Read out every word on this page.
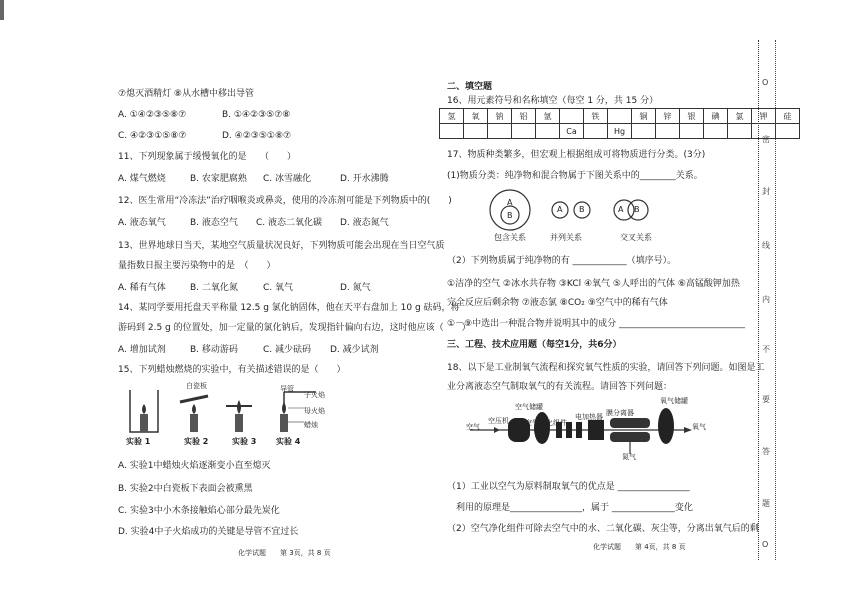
⑦熄灭酒精灯 ⑧从水槽中移出导管
A. ①④②③⑤⑧⑦	B. ①④②③⑤⑦⑧
C. ④②③①⑤⑧⑦	D. ④②③⑤①⑧⑦
11、下列现象属于缓慢氧化的是　　（　　）
A. 煤气燃烧	B. 农家肥腐熟 C. 冰雪融化	D. 开水沸腾
12、医生常用“冷冻法”治疗咽喉炎或鼻炎，使用的冷冻剂可能是下列物质中的(　　)
A. 液态氧气	B. 液态空气 C. 液态二氧化碳 D. 液态氮气
13、世界地球日当天，某地空气质量状况良好，下列物质可能会出现在当日空气质
量指数日报主要污染物中的是　（　　）
A. 稀有气体	B. 二氧化氮	C. 氧气	D. 氮气
14、某同学要用托盘天平称量 12.5 g 氯化钠固体，他在天平右盘加上 10 g 砝码，将
游码到 2.5 g 的位置处，加一定量的氯化钠后，发现指针偏向右边，这时他应该（　　）
A. 增加试剂	B. 移动游码	C. 减少砝码 D. 减少试剂
15、下列蜡烛燃烧的实验中，有关描述错误的是（　　）
白瓷板	导管
子火焰
母火焰
蜡烛
实验 1	实验 2	实验 3 实验 4
A. 实验1中蜡烛火焰逐渐变小直至熄灭
B. 实验2中白瓷板下表面会被熏黑
C. 实验3中小木条接触焰心部分最先炭化
D. 实验4中子火焰成功的关键是导管不宜过长
化学试题　　第 3页，共 8 页
二、填空题
16、用元素符号和名称填空（每空 1 分，共 15 分）
氢	氧	钠	铝	氩		铁		铜	锌	银	碘	氯	钾	硅
					Ca		Hg							
17、物质种类繁多，但宏观上根据组成可将物质进行分类。(3分)
(1)物质分类：纯净物和混合物属于下图关系中的________关系。
A
B
A B	A B
包含关系	并列关系	交叉关系
（2）下列物质属于纯净物的有 ____________（填序号）。
①洁净的空气 ②冰水共存物 ③KCl ④氧气 ⑤人呼出的气体 ⑥高锰酸钾加热
完全反应后剩余物 ⑦液态氯 ⑧CO₂ ⑨空气中的稀有气体
①－⑨中选出一种混合物并说明其中的成分 ____________________________
三、工程、技术应用题（每空1分，共6分）
18、以下是工业制氧气流程和探究氧气性质的实验，请回答下列问题。如图是工
业分离液态空气制取氧气的有关流程。请回答下列问题：
空气
空压机
空气储罐
空气净化组件
电加热器 膜分离器
氧气储罐
氧气
氮气
（1）工业以空气为原料制取氧气的优点是 ________________
利用的原理是________________，属于 ______________变化
（2）空气净化组件可除去空气中的水、二氧化碳、灰尘等，分离出氧气后的剩
化学试题　　第 4页，共 8 页
O
密
封
线
内
不
要
答
题
O
